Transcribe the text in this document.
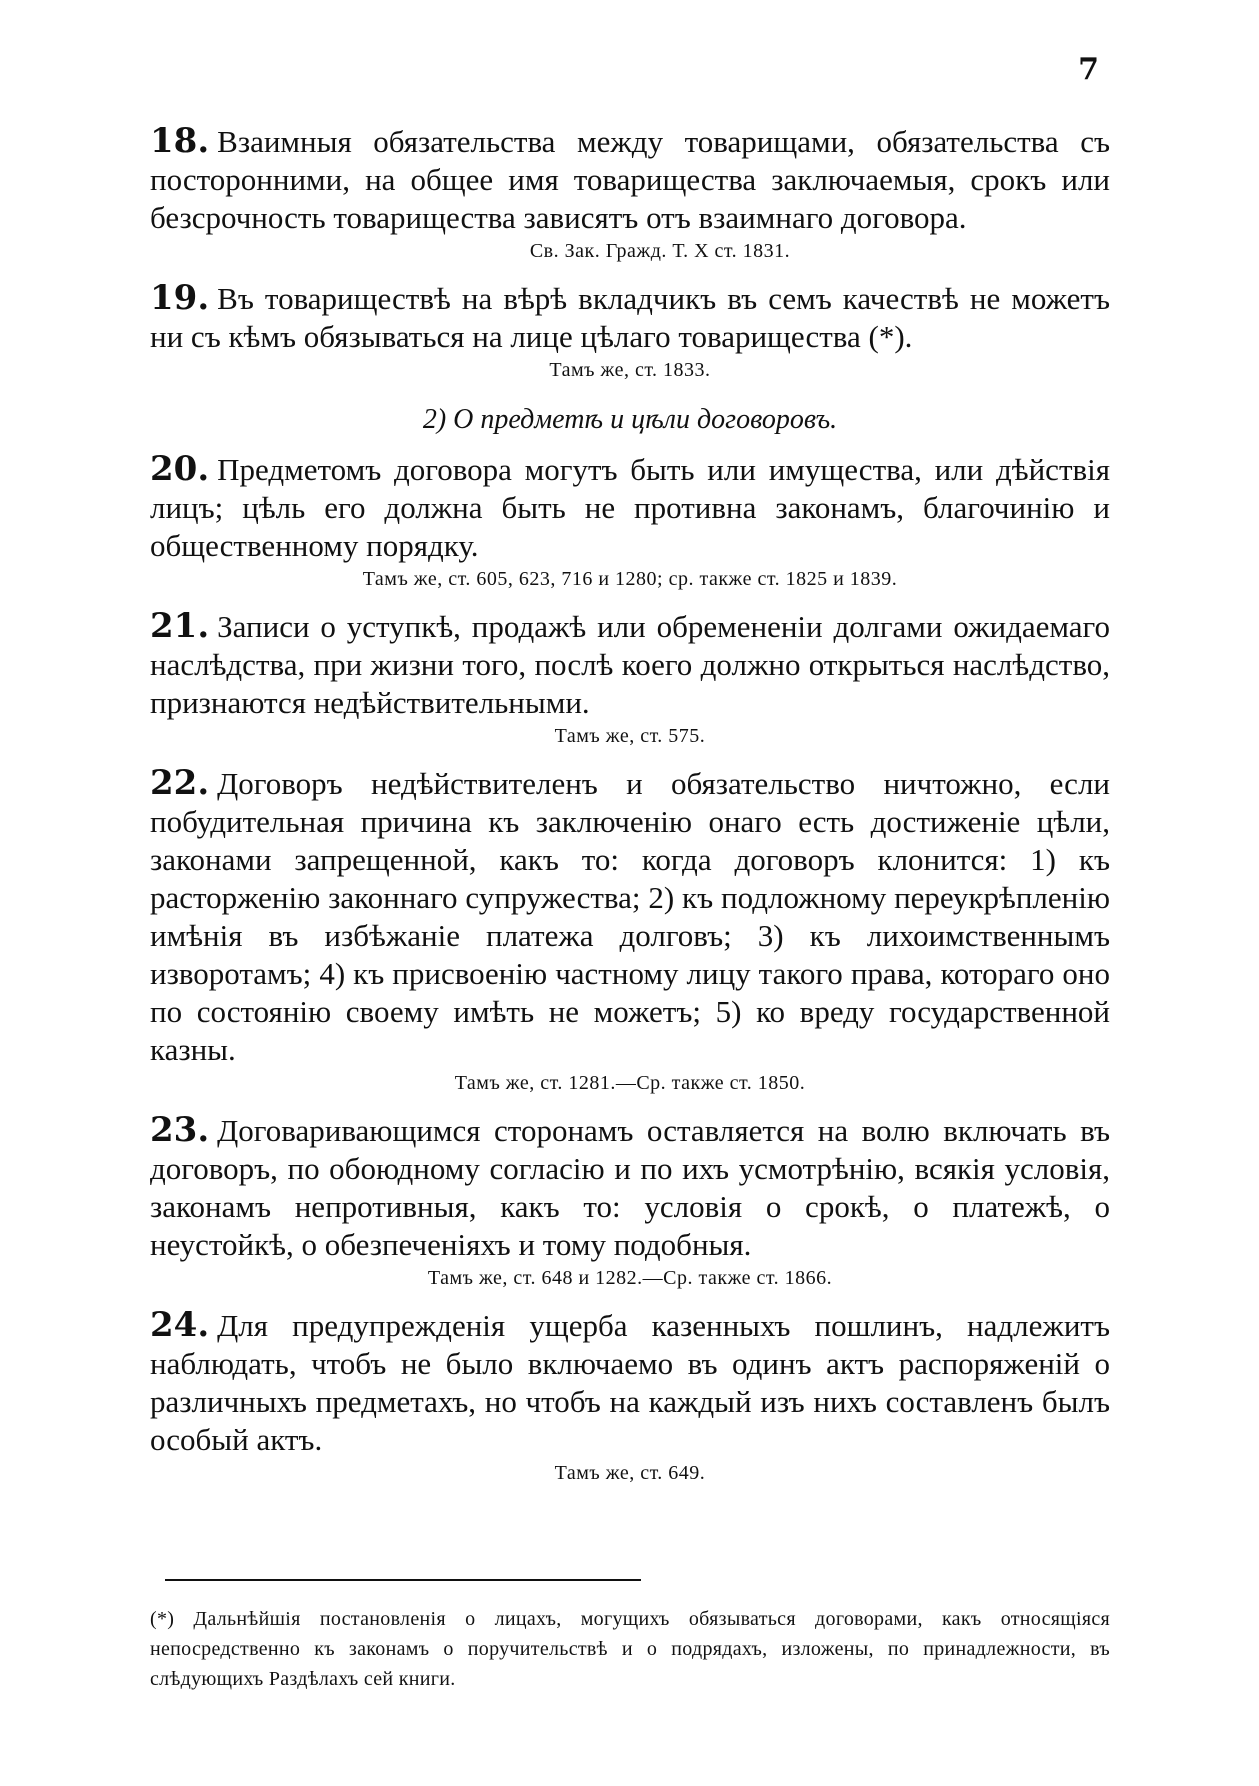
7

18. Взаимныя обязательства между товарищами, обязательства съ посторонними, на общее имя товарищества заключаемыя, срокъ или безсрочность товарищества зависятъ отъ взаимнаго договора.

Св. Зак. Гражд. Т. X ст. 1831.

19. Въ товариществѣ на вѣрѣ вкладчикъ въ семъ качествѣ не можетъ ни съ кѣмъ обязываться на лице цѣлаго товарищества (*).

Тамъ же, ст. 1833.
2) О предметѣ и цѣли договоровъ.

20. Предметомъ договора могутъ быть или имущества, или дѣйствія лицъ; цѣль его должна быть не противна законамъ, благочинію и общественному порядку.

Тамъ же, ст. 605, 623, 716 и 1280; ср. также ст. 1825 и 1839.

21. Записи о уступкѣ, продажѣ или обремененіи долгами ожидаемаго наслѣдства, при жизни того, послѣ коего должно открыться наслѣдство, признаются недѣйствительными.

Тамъ же, ст. 575.

22. Договоръ недѣйствителенъ и обязательство ничтожно, если побудительная причина къ заключенію онаго есть достиженіе цѣли, законами запрещенной, какъ то: когда договоръ клонится: 1) къ расторженію законнаго супружества; 2) къ подложному переукрѣпленію имѣнія въ избѣжаніе платежа долговъ; 3) къ лихоимственнымъ изворотамъ; 4) къ присвоенію частному лицу такого права, котораго оно по состоянію своему имѣть не можетъ; 5) ко вреду государственной казны.

Тамъ же, ст. 1281.—Ср. также ст. 1850.

23. Договаривающимся сторонамъ оставляется на волю включать въ договоръ, по обоюдному согласію и по ихъ усмотрѣнію, всякія условія, законамъ непротивныя, какъ то: условія о срокѣ, о платежѣ, о неустойкѣ, о обезпеченіяхъ и тому подобныя.

Тамъ же, ст. 648 и 1282.—Ср. также ст. 1866.

24. Для предупрежденія ущерба казенныхъ пошлинъ, надлежитъ наблюдать, чтобъ не было включаемо въ одинъ актъ распоряженій о различныхъ предметахъ, но чтобъ на каждый изъ нихъ составленъ былъ особый актъ.

Тамъ же, ст. 649.

(*) Дальнѣйшія постановленія о лицахъ, могущихъ обязываться договорами, какъ относящіяся непосредственно къ законамъ о поручительствѣ и о подрядахъ, изложены, по принадлежности, въ слѣдующихъ Раздѣлахъ сей книги.
